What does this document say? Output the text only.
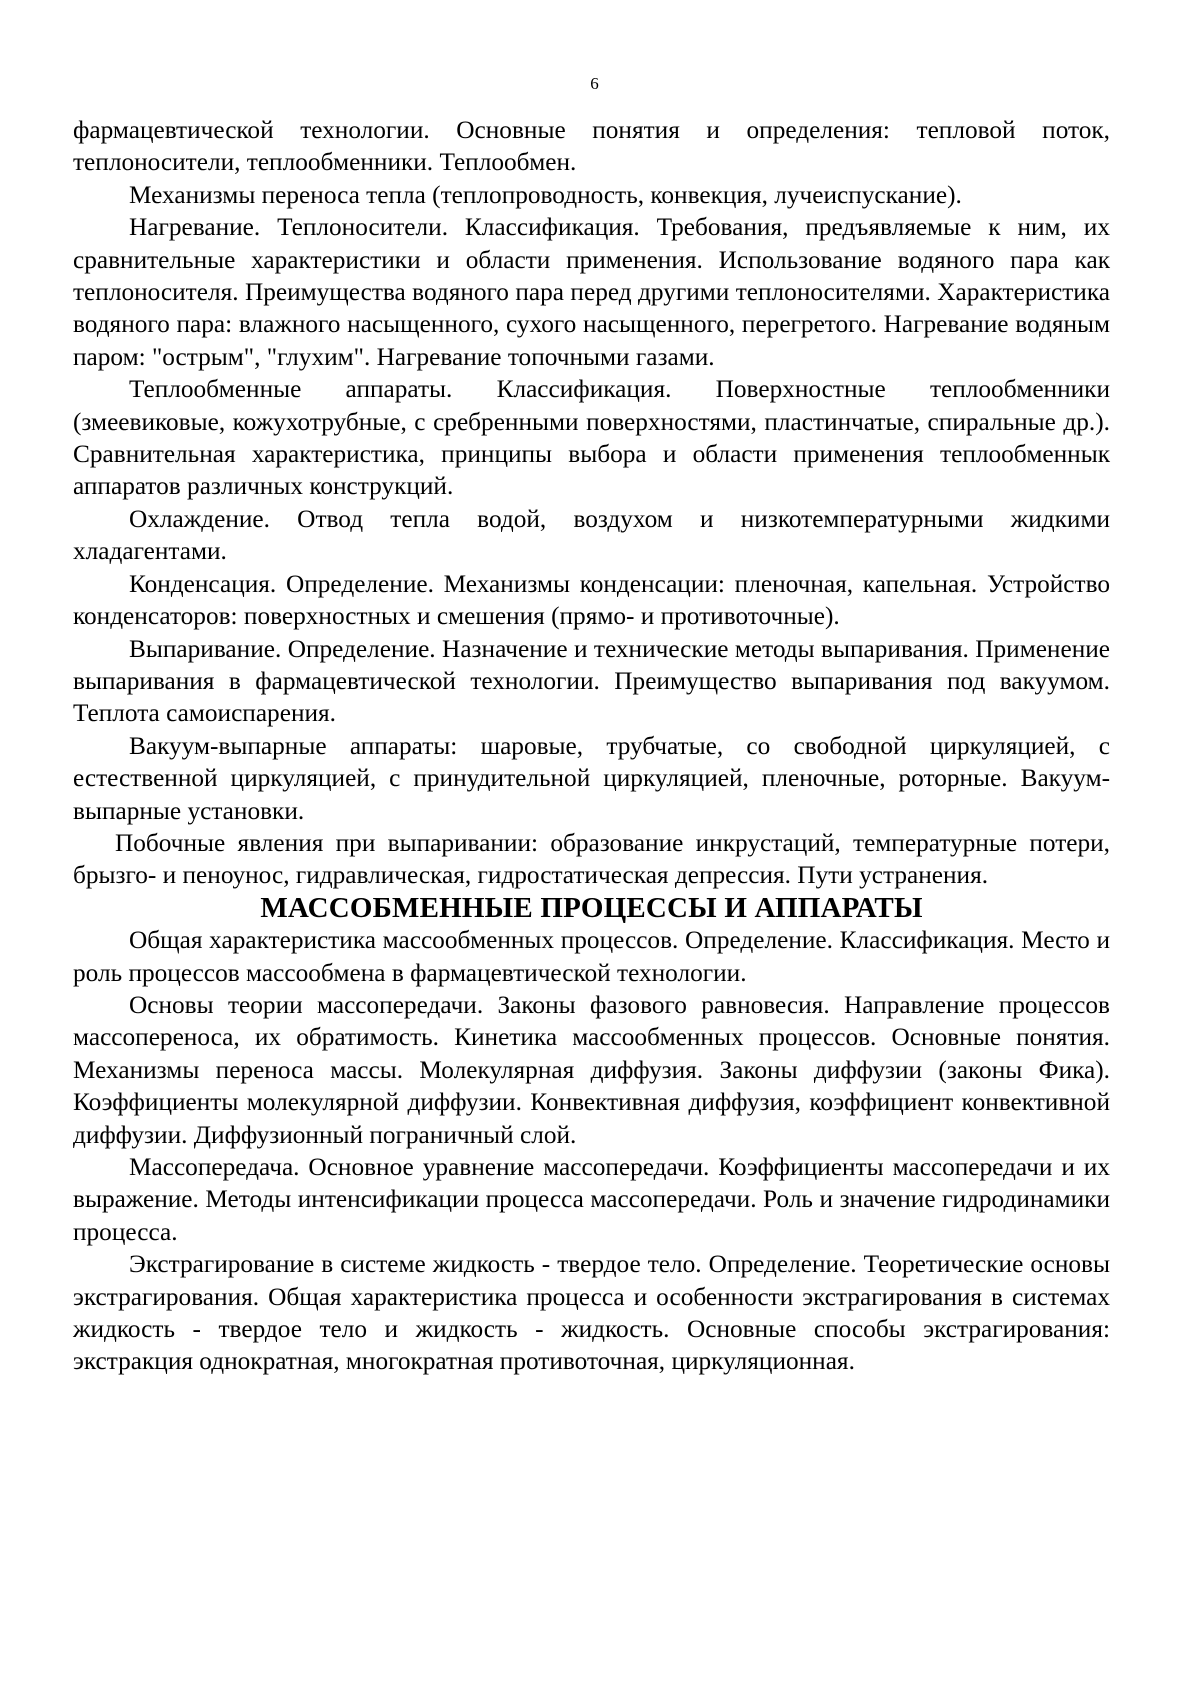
6

фармацевтической технологии. Основные понятия и определения: тепловой поток, теплоносители, теплообменники. Теплообмен.

Механизмы переноса тепла (теплопроводность, конвекция, лучеиспускание).

Нагревание. Теплоносители. Классификация. Требования, предъявляемые к ним, их сравнительные характеристики и области применения. Использование водяного пара как теплоносителя. Преимущества водяного пара перед другими теплоносителями. Характеристика водяного пара: влажного насыщенного, сухого насыщенного, перегретого. Нагревание водяным паром: "острым", "глухим". Нагревание топочными газами.

Теплообменные аппараты. Классификация. Поверхностные теплообменники (змеевиковые, кожухотрубные, с сребренными поверхностями, пластинчатые, спиральные др.). Сравнительная характеристика, принципы выбора и области применения теплообменнык аппаратов различных конструкций.

Охлаждение. Отвод тепла водой, воздухом и низкотемпературными жидкими хладагентами.

Конденсация. Определение. Механизмы конденсации: пленочная, капельная. Устройство конденсаторов: поверхностных и смешения (прямо- и противоточные).

Выпаривание. Определение. Назначение и технические методы выпаривания. Применение выпаривания в фармацевтической технологии. Преимущество выпаривания под вакуумом. Теплота самоиспарения.

Вакуум-выпарные аппараты: шаровые, трубчатые, со свободной циркуляцией, с естественной циркуляцией, с принудительной циркуляцией, пленочные, роторные. Вакуум-выпарные установки.

Побочные явления при выпаривании: образование инкрустаций, температурные потери, брызго- и пеноунос, гидравлическая, гидростатическая депрессия. Пути устранения.

МАССОБМЕННЫЕ ПРОЦЕССЫ И АППАРАТЫ

Общая характеристика массообменных процессов. Определение. Классификация. Место и роль процессов массообмена в фармацевтической технологии.

Основы теории массопередачи. Законы фазового равновесия. Направление процессов массопереноса, их обратимость. Кинетика массообменных процессов. Основные понятия. Механизмы переноса массы. Молекулярная диффузия. Законы диффузии (законы Фика). Коэффициенты молекулярной диффузии. Конвективная диффузия, коэффициент конвективной диффузии. Диффузионный пограничный слой.

Массопередача. Основное уравнение массопередачи. Коэффициенты массопередачи и их выражение. Методы интенсификации процесса массопередачи. Роль и значение гидродинамики процесса.

Экстрагирование в системе жидкость - твердое тело. Определение. Теоретические основы экстрагирования. Общая характеристика процесса и особенности экстрагирования в системах жидкость - твердое тело и жидкость - жидкость. Основные способы экстрагирования: экстракция однократная, многократная противоточная, циркуляционная.
